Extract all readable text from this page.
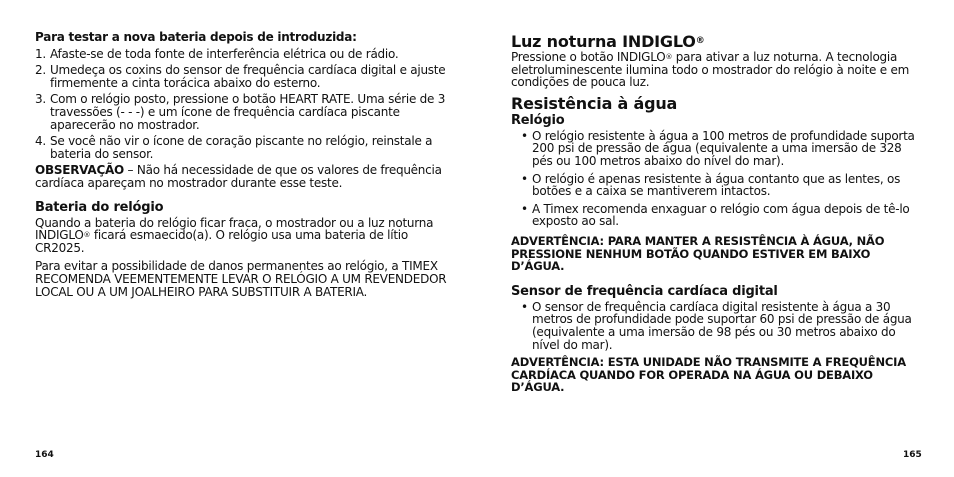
Para testar a nova bateria depois de introduzida:

1. Afaste-se de toda fonte de interferência elétrica ou de rádio.
2. Umedeça os coxins do sensor de frequência cardíaca digital e ajuste firmemente a cinta torácica abaixo do esterno.
3. Com o relógio posto, pressione o botão HEART RATE. Uma série de 3 travessões (- - -) e um ícone de frequência cardíaca piscante aparecerão no mostrador.
4. Se você não vir o ícone de coração piscante no relógio, reinstale a bateria do sensor.

OBSERVAÇÃO – Não há necessidade de que os valores de frequência cardíaca apareçam no mostrador durante esse teste.

Bateria do relógio

Quando a bateria do relógio ficar fraca, o mostrador ou a luz noturna INDIGLO® ficará esmaecido(a). O relógio usa uma bateria de lítio CR2025.

Para evitar a possibilidade de danos permanentes ao relógio, a TIMEX RECOMENDA VEEMENTEMENTE LEVAR O RELÓGIO A UM REVENDEDOR LOCAL OU A UM JOALHEIRO PARA SUBSTITUIR A BATERIA.

164
Luz noturna INDIGLO®

Pressione o botão INDIGLO® para ativar a luz noturna. A tecnologia eletroluminescente ilumina todo o mostrador do relógio à noite e em condições de pouca luz.

Resistência à água
Relógio
• O relógio resistente à água a 100 metros de profundidade suporta 200 psi de pressão de água (equivalente a uma imersão de 328 pés ou 100 metros abaixo do nível do mar).
• O relógio é apenas resistente à água contanto que as lentes, os botões e a caixa se mantiverem intactos.
• A Timex recomenda enxaguar o relógio com água depois de tê-lo exposto ao sal.

ADVERTÊNCIA: PARA MANTER A RESISTÊNCIA À ÁGUA, NÃO PRESSIONE NENHUM BOTÃO QUANDO ESTIVER EM BAIXO D’ÁGUA.

Sensor de frequência cardíaca digital
• O sensor de frequência cardíaca digital resistente à água a 30 metros de profundidade pode suportar 60 psi de pressão de água (equivalente a uma imersão de 98 pés ou 30 metros abaixo do nível do mar).

ADVERTÊNCIA: ESTA UNIDADE NÃO TRANSMITE A FREQUÊNCIA CARDÍACA QUANDO FOR OPERADA NA ÁGUA OU DEBAIXO D’ÁGUA.

165
